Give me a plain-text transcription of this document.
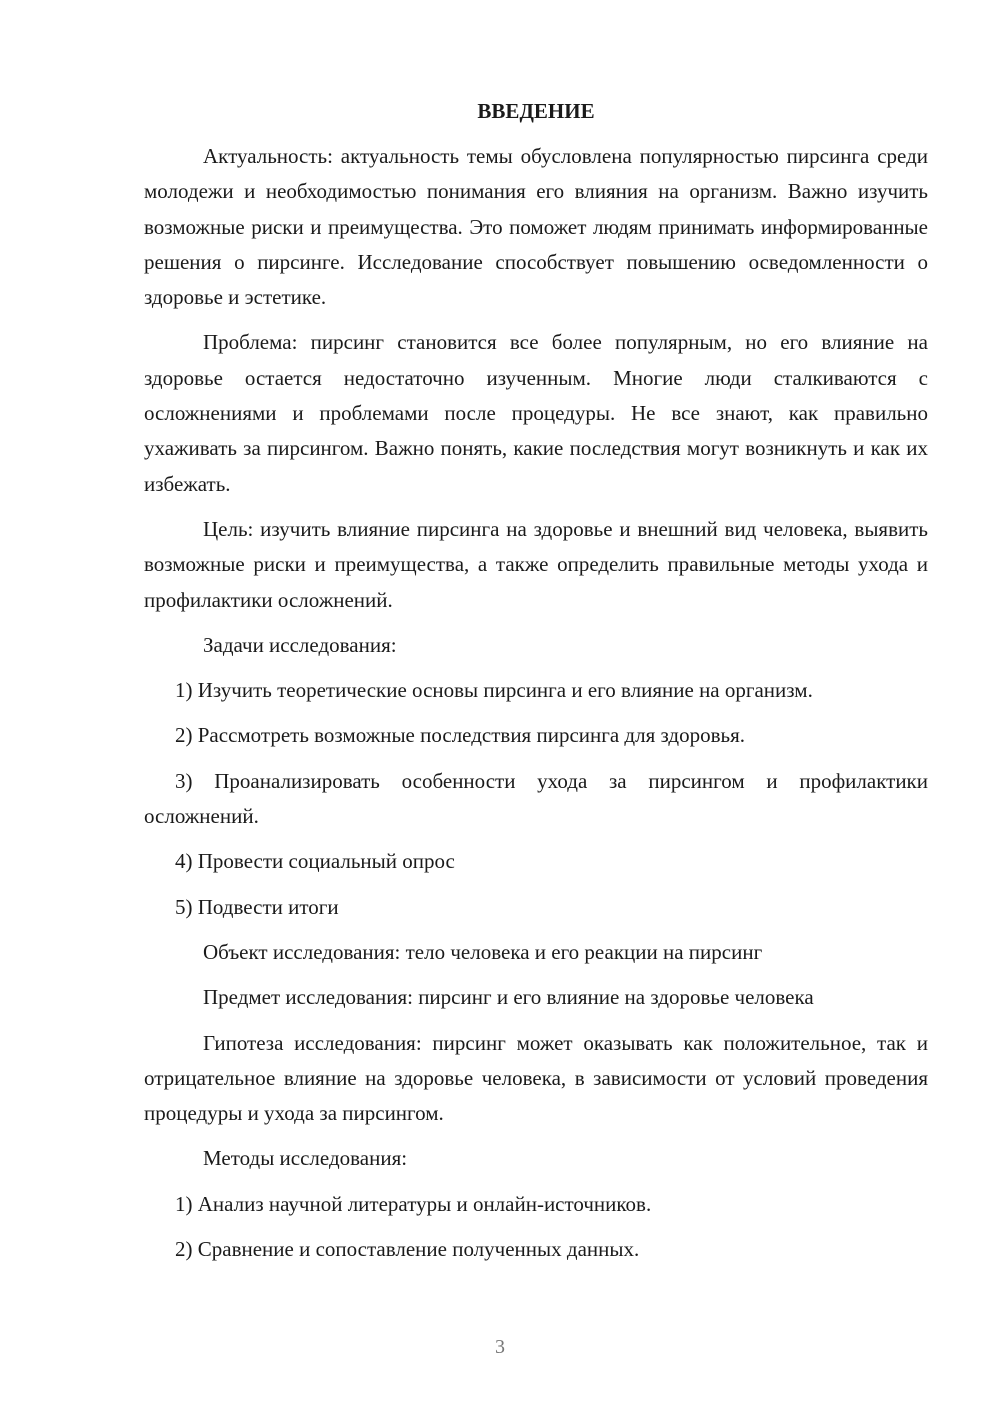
ВВЕДЕНИЕ

Актуальность: актуальность темы обусловлена популярностью пирсинга среди молодежи и необходимостью понимания его влияния на организм. Важно изучить возможные риски и преимущества. Это поможет людям принимать информированные решения о пирсинге. Исследование способствует повышению осведомленности о здоровье и эстетике.

Проблема: пирсинг становится все более популярным, но его влияние на здоровье остается недостаточно изученным. Многие люди сталкиваются с осложнениями и проблемами после процедуры. Не все знают, как правильно ухаживать за пирсингом. Важно понять, какие последствия могут возникнуть и как их избежать.

Цель: изучить влияние пирсинга на здоровье и внешний вид человека, выявить возможные риски и преимущества, а также определить правильные методы ухода и профилактики осложнений.

Задачи исследования:

1) Изучить теоретические основы пирсинга и его влияние на организм.

2) Рассмотреть возможные последствия пирсинга для здоровья.

3) Проанализировать особенности ухода за пирсингом и профилактики осложнений.

4) Провести социальный опрос

5) Подвести итоги

Объект исследования: тело человека и его реакции на пирсинг

Предмет исследования: пирсинг и его влияние на здоровье человека

Гипотеза исследования: пирсинг может оказывать как положительное, так и отрицательное влияние на здоровье человека, в зависимости от условий проведения процедуры и ухода за пирсингом.

Методы исследования:

1) Анализ научной литературы и онлайн-источников.

2) Сравнение и сопоставление полученных данных.

3
